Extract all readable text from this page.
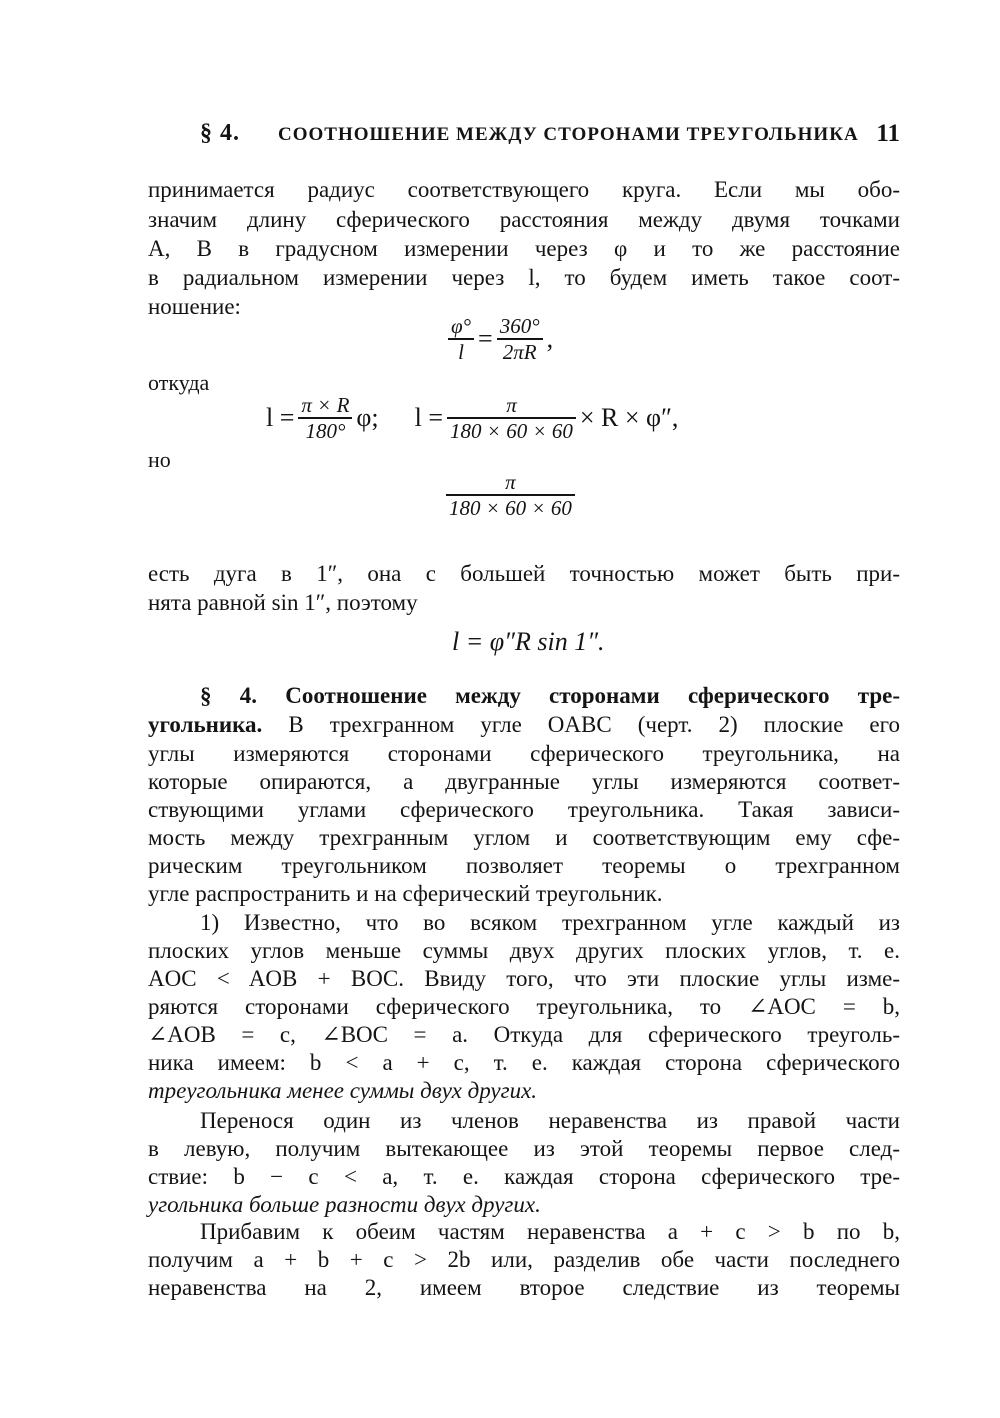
§ 4. СООТНОШЕНИЕ МЕЖДУ СТОРОНАМИ ТРЕУГОЛЬНИКА 11
принимается радиус соответствующего круга. Если мы обо-
значим длину сферического расстояния между двумя точками
A, B в градусном измерении через φ и то же расстояние
в радиальном измерении через l, то будем иметь такое соот-
ношение:
$\frac{\varphi^\circ}{l} = \frac{360^\circ}{2\pi R}$ ,
откуда
$l = \frac{\pi \times R}{180^\circ} \varphi$; $l = \frac{\pi}{180 \times 60 \times 60} \times R \times \varphi''$,
но
$\frac{\pi}{180 \times 60 \times 60}$
есть дуга в 1″, она с большей точностью может быть при-
нята равной sin 1″, поэтому
l = φ″R sin 1″.
§ 4. Соотношение между сторонами сферического тре-
угольника. В трехгранном угле OABC (черт. 2) плоские его
углы измеряются сторонами сферического треугольника, на
которые опираются, а двугранные углы измеряются соответ-
ствующими углами сферического треугольника. Такая зависи-
мость между трехгранным углом и соответствующим ему сфе-
рическим треугольником позволяет теоремы о трехгранном
угле распространить и на сферический треугольник.
1) Известно, что во всяком трехгранном угле каждый из
плоских углов меньше суммы двух других плоских углов, т. е.
AOC < AOB + BOC. Ввиду того, что эти плоские углы изме-
ряются сторонами сферического треугольника, то ∠AOC = b,
∠AOB = c, ∠BOC = a. Откуда для сферического треуголь-
ника имеем: b < a + c, т. е. каждая сторона сферического
треугольника менее суммы двух других.
Перенося один из членов неравенства из правой части
в левую, получим вытекающее из этой теоремы первое след-
ствие: b − c < a, т. е. каждая сторона сферического тре-
угольника больше разности двух других.
Прибавим к обеим частям неравенства a + c > b по b,
получим a + b + c > 2b или, разделив обе части последнего
неравенства на 2, имеем второе следствие из теоремы
